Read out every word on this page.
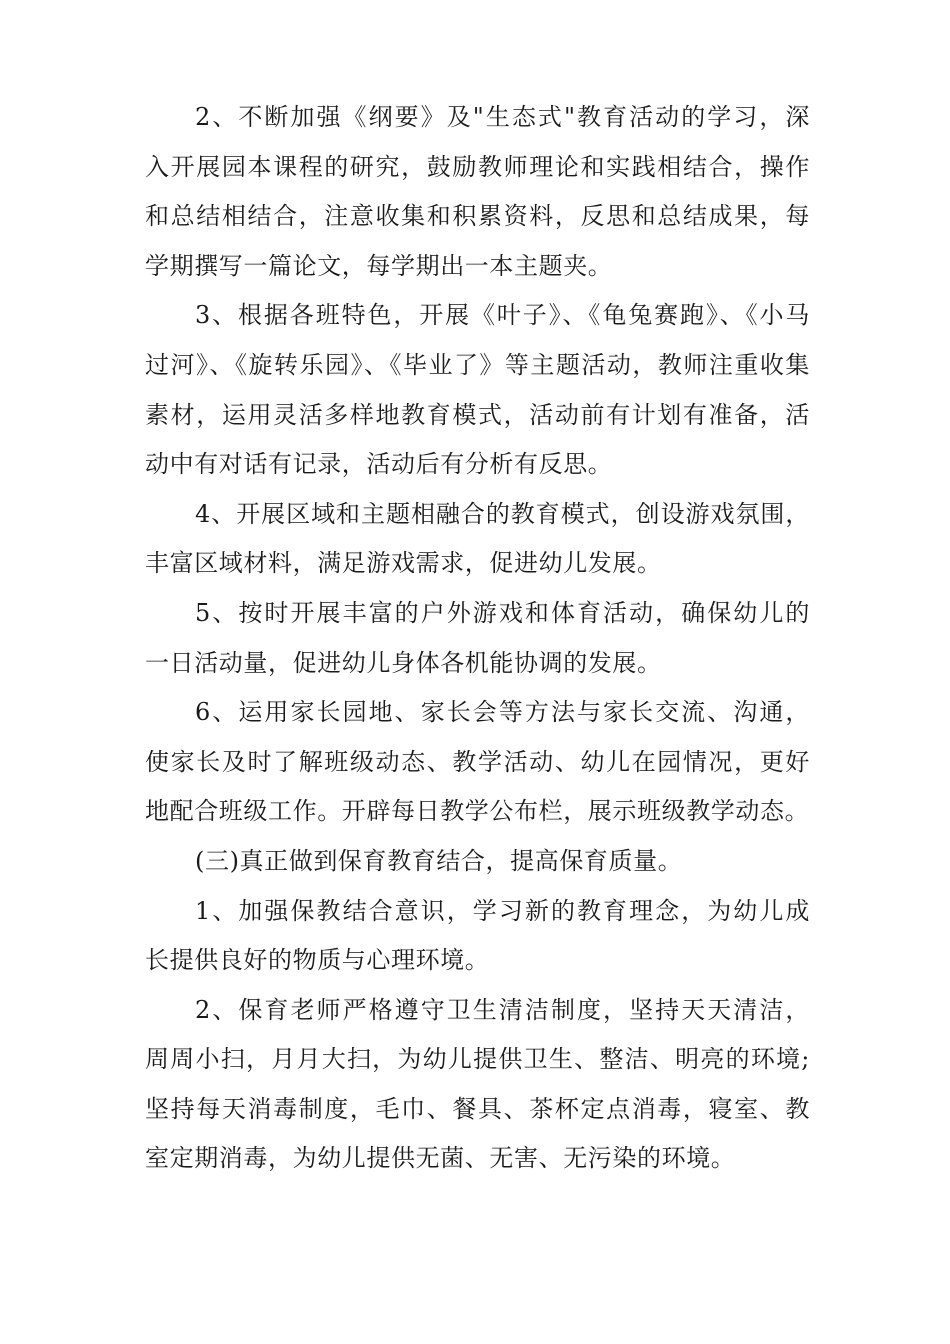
2、不断加强《纲要》及"生态式"教育活动的学习，深
入开展园本课程的研究，鼓励教师理论和实践相结合，操作
和总结相结合，注意收集和积累资料，反思和总结成果，每
学期撰写一篇论文，每学期出一本主题夹。
3、根据各班特色，开展《叶子》、《龟兔赛跑》、《小马
过河》、《旋转乐园》、《毕业了》等主题活动，教师注重收集
素材，运用灵活多样地教育模式，活动前有计划有准备，活
动中有对话有记录，活动后有分析有反思。
4、开展区域和主题相融合的教育模式，创设游戏氛围，
丰富区域材料，满足游戏需求，促进幼儿发展。
5、按时开展丰富的户外游戏和体育活动，确保幼儿的
一日活动量，促进幼儿身体各机能协调的发展。
6、运用家长园地、家长会等方法与家长交流、沟通，
使家长及时了解班级动态、教学活动、幼儿在园情况，更好
地配合班级工作。开辟每日教学公布栏，展示班级教学动态。
(三)真正做到保育教育结合，提高保育质量。
1、加强保教结合意识，学习新的教育理念，为幼儿成
长提供良好的物质与心理环境。
2、保育老师严格遵守卫生清洁制度，坚持天天清洁，
周周小扫，月月大扫，为幼儿提供卫生、整洁、明亮的环境;
坚持每天消毒制度，毛巾、餐具、茶杯定点消毒，寝室、教
室定期消毒，为幼儿提供无菌、无害、无污染的环境。
